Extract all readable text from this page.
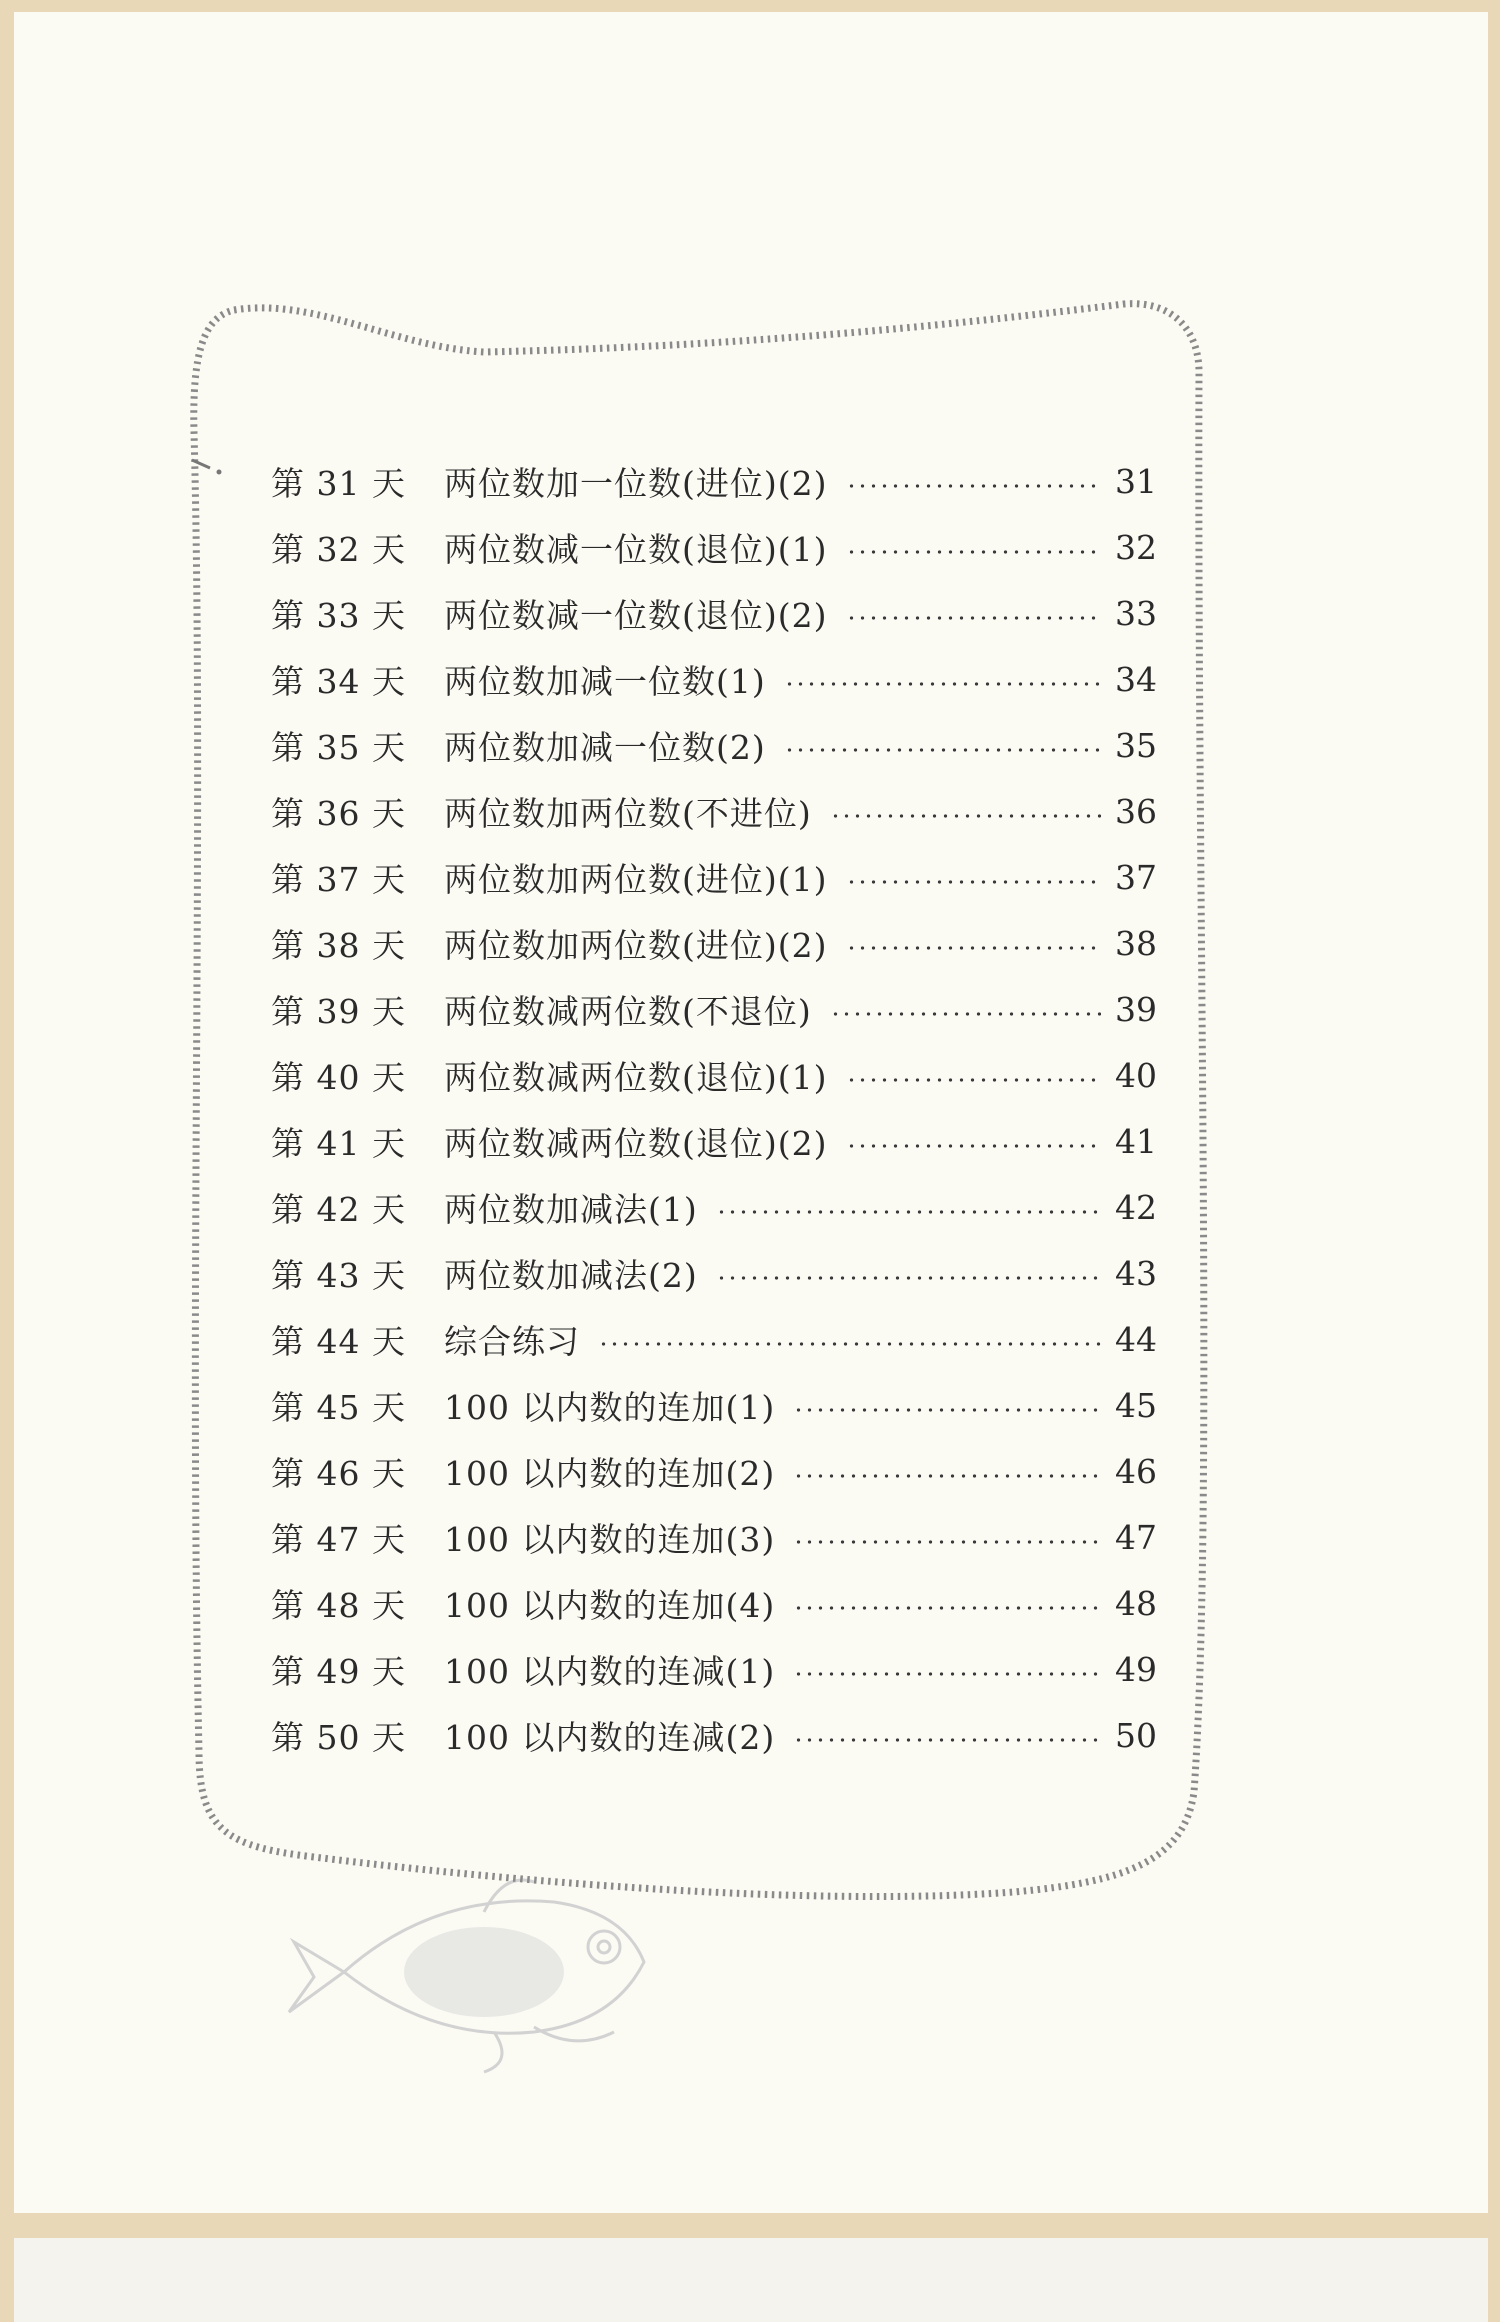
第 31 天	两位数加一位数(进位)(2)	31
第 32 天	两位数减一位数(退位)(1)	32
第 33 天	两位数减一位数(退位)(2)	33
第 34 天	两位数加减一位数(1)	34
第 35 天	两位数加减一位数(2)	35
第 36 天	两位数加两位数(不进位)	36
第 37 天	两位数加两位数(进位)(1)	37
第 38 天	两位数加两位数(进位)(2)	38
第 39 天	两位数减两位数(不退位)	39
第 40 天	两位数减两位数(退位)(1)	40
第 41 天	两位数减两位数(退位)(2)	41
第 42 天	两位数加减法(1)	42
第 43 天	两位数加减法(2)	43
第 44 天	综合练习	44
第 45 天	100 以内数的连加(1)	45
第 46 天	100 以内数的连加(2)	46
第 47 天	100 以内数的连加(3)	47
第 48 天	100 以内数的连加(4)	48
第 49 天	100 以内数的连减(1)	49
第 50 天	100 以内数的连减(2)	50
